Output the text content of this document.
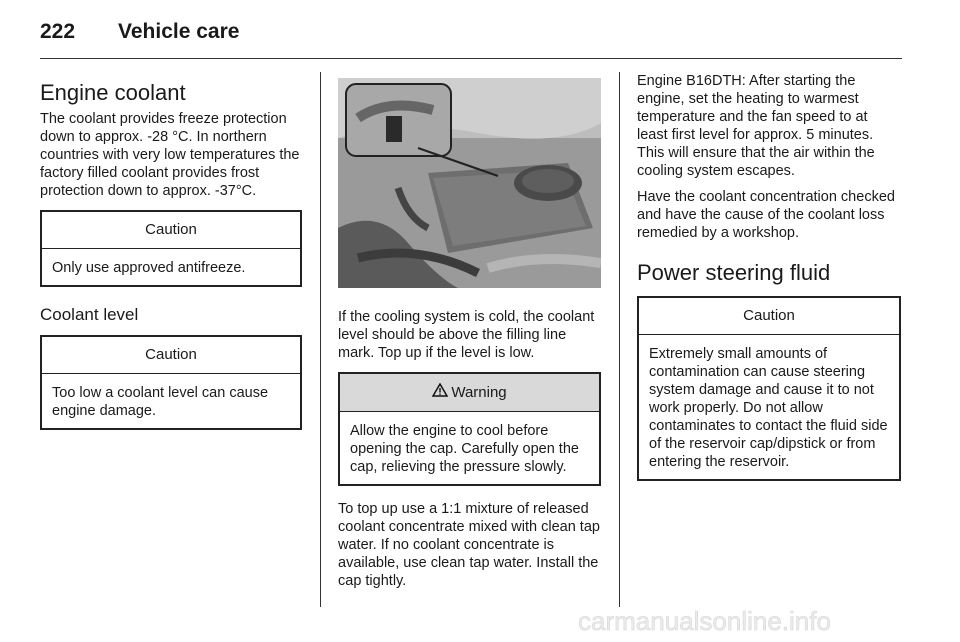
222 Vehicle care
Engine coolant

The coolant provides freeze protection down to approx. -28 °C. In northern countries with very low temperatures the factory filled coolant provides frost protection down to approx. -37°C.

Caution
Only use approved antifreeze.
Coolant level
Caution
Too low a coolant level can cause engine damage.

If the cooling system is cold, the coolant level should be above the filling line mark. Top up if the level is low.

Warning
Allow the engine to cool before opening the cap. Carefully open the cap, relieving the pressure slowly.

To top up use a 1:1 mixture of released coolant concentrate mixed with clean tap water. If no coolant concentrate is available, use clean tap water. Install the cap tightly.

Engine B16DTH: After starting the engine, set the heating to warmest temperature and the fan speed to at least first level for approx. 5 minutes. This will ensure that the air within the cooling system escapes.

Have the coolant concentration checked and have the cause of the coolant loss remedied by a workshop.

Power steering fluid
Caution
Extremely small amounts of contamination can cause steering system damage and cause it to not work properly. Do not allow contaminates to contact the fluid side of the reservoir cap/dipstick or from entering the reservoir.
carmanualsonline.info
